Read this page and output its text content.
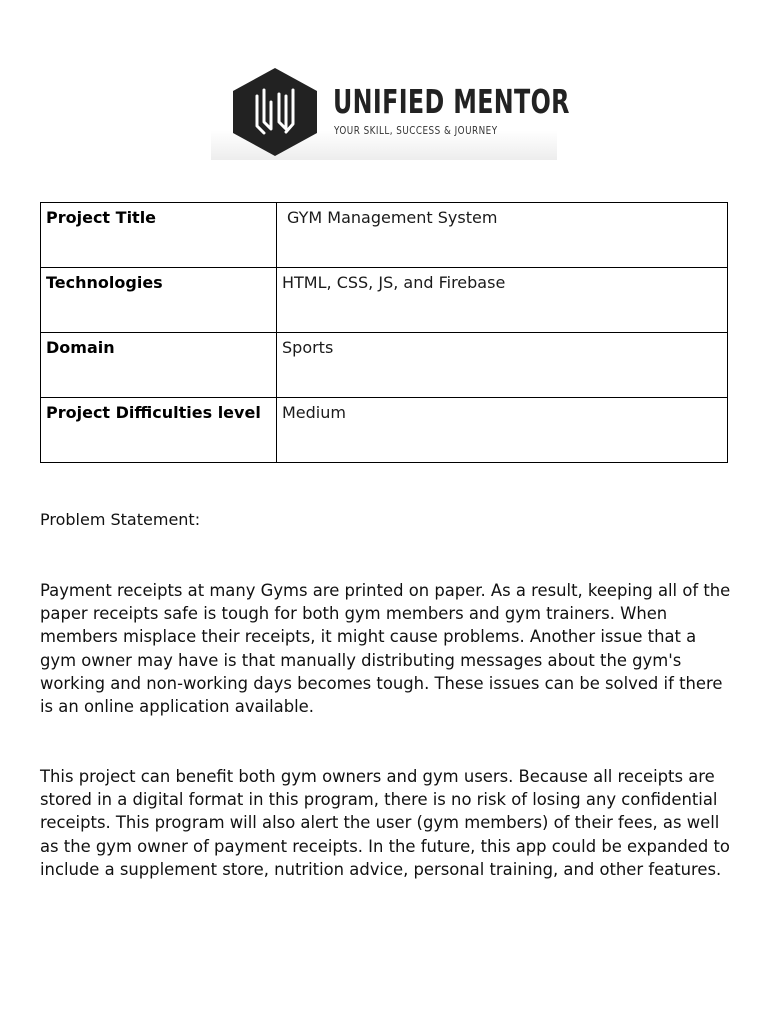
UNIFIED MENTOR
YOUR SKILL, SUCCESS & JOURNEY
Project Title	GYM Management System
Technologies	HTML, CSS, JS, and Firebase
Domain	Sports
Project Difficulties level	Medium
Problem Statement:

Payment receipts at many Gyms are printed on paper. As a result, keeping all of the paper receipts safe is tough for both gym members and gym trainers. When members misplace their receipts, it might cause problems. Another issue that a gym owner may have is that manually distributing messages about the gym's working and non-working days becomes tough. These issues can be solved if there is an online application available.

This project can benefit both gym owners and gym users. Because all receipts are stored in a digital format in this program, there is no risk of losing any confidential receipts. This program will also alert the user (gym members) of their fees, as well as the gym owner of payment receipts. In the future, this app could be expanded to include a supplement store, nutrition advice, personal training, and other features.
